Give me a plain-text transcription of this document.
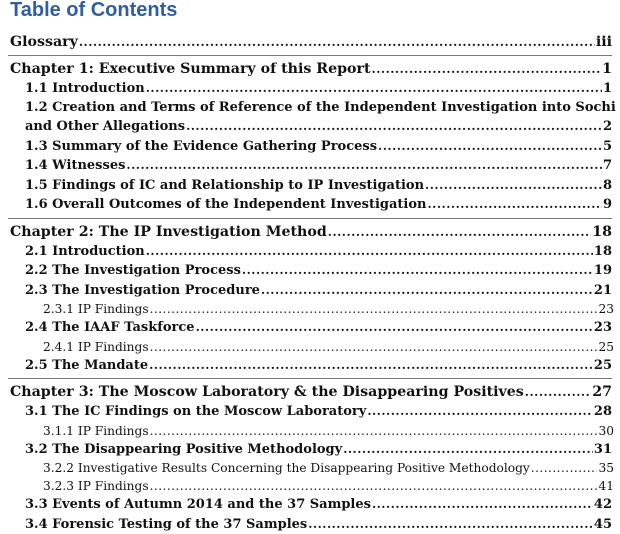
Table of Contents
Glossary .....	iii
Chapter 1: Executive Summary of this Report .....	1
1.1 Introduction .....	1
1.2 Creation and Terms of Reference of the Independent Investigation into Sochi
and Other Allegations .....	2
1.3 Summary of the Evidence Gathering Process .....	5
1.4 Witnesses .....	7
1.5 Findings of IC and Relationship to IP Investigation .....	8
1.6 Overall Outcomes of the Independent Investigation .....	9
Chapter 2: The IP Investigation Method .....	18
2.1 Introduction .....	18
2.2 The Investigation Process .....	19
2.3 The Investigation Procedure .....	21
2.3.1 IP Findings .....	23
2.4 The IAAF Taskforce .....	23
2.4.1 IP Findings .....	25
2.5 The Mandate .....	25
Chapter 3: The Moscow Laboratory & the Disappearing Positives .....	27
3.1 The IC Findings on the Moscow Laboratory .....	28
3.1.1 IP Findings .....	30
3.2 The Disappearing Positive Methodology .....	31
3.2.2 Investigative Results Concerning the Disappearing Positive Methodology .....	35
3.2.3 IP Findings .....	41
3.3 Events of Autumn 2014 and the 37 Samples .....	42
3.4 Forensic Testing of the 37 Samples .....	45
